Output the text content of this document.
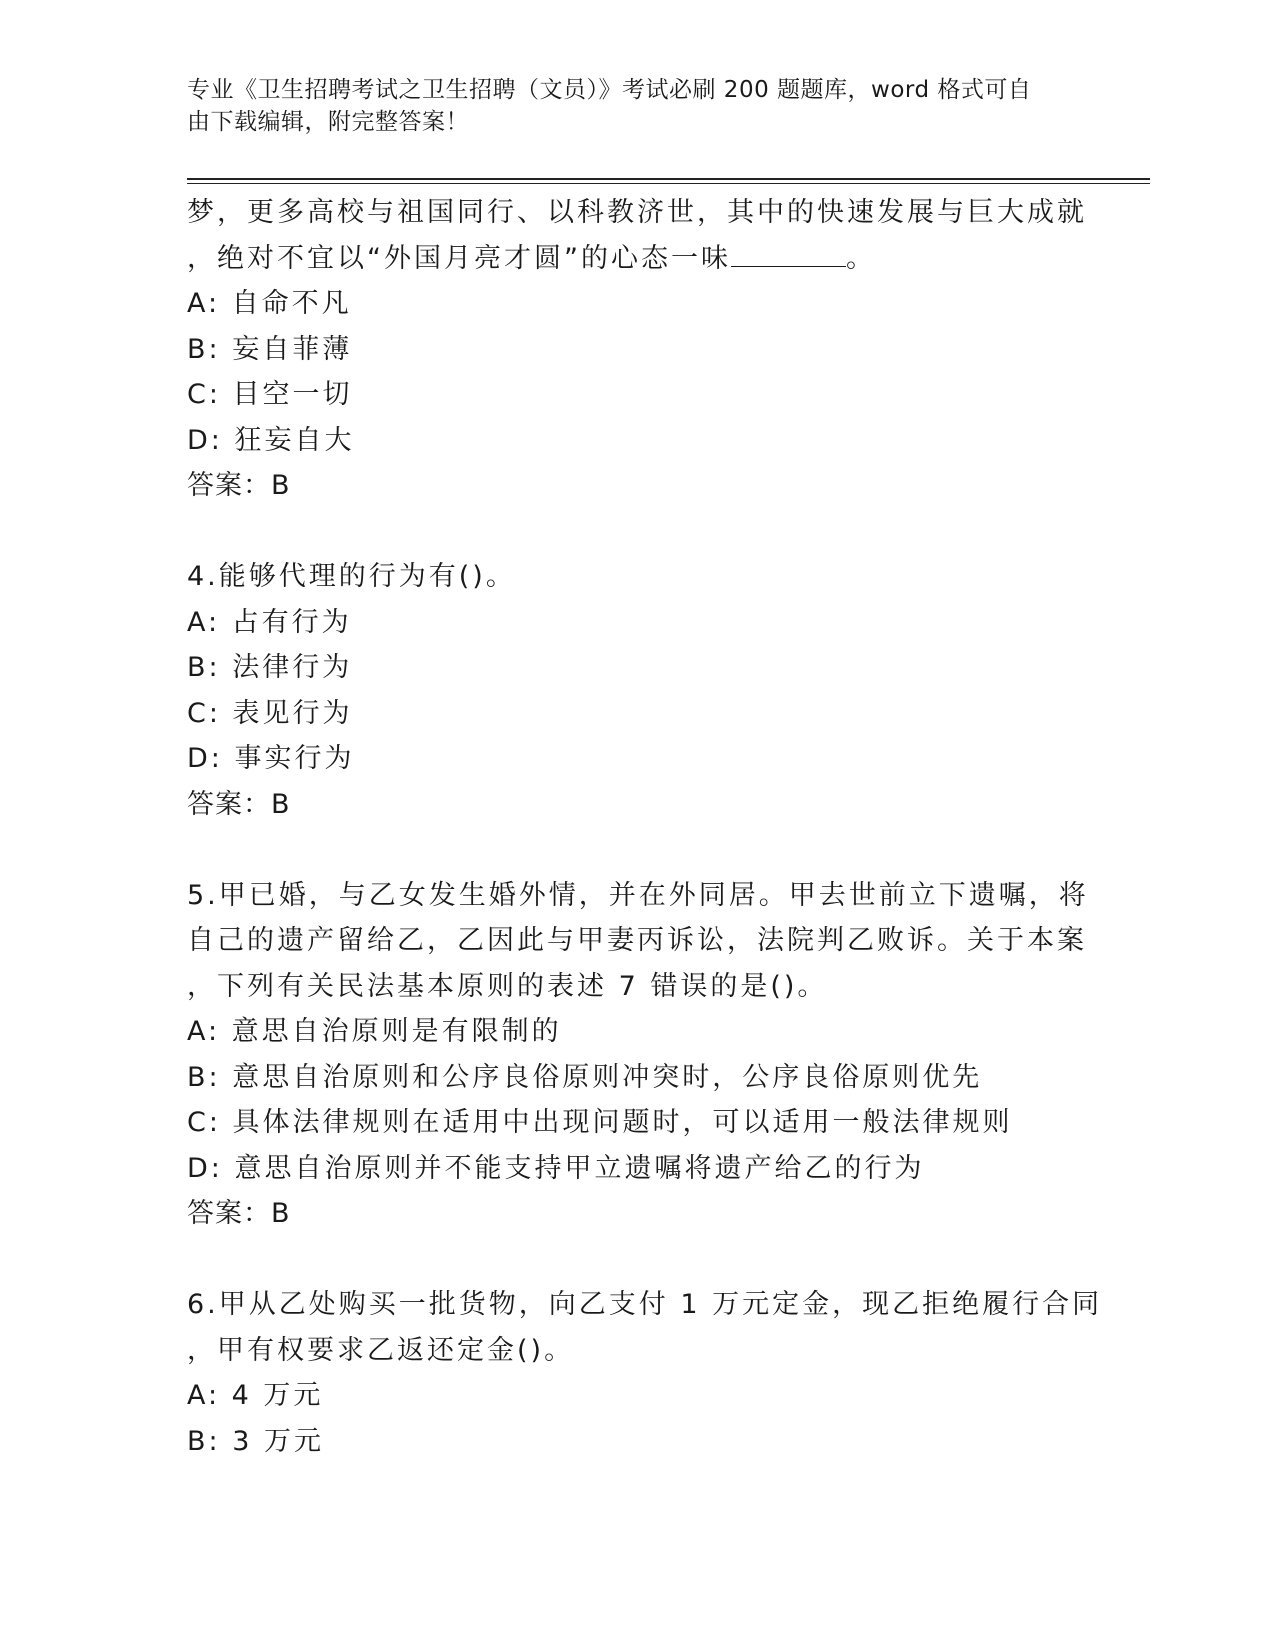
专业《卫生招聘考试之卫生招聘（文员）》考试必刷 200 题题库，word 格式可自
由下载编辑，附完整答案！
梦，更多高校与祖国同行、以科教济世，其中的快速发展与巨大成就
，绝对不宜以“外国月亮才圆”的心态一味	。
A: 自命不凡
B: 妄自菲薄
C: 目空一切
D: 狂妄自大
答案：B
4.能够代理的行为有()。
A: 占有行为
B: 法律行为
C: 表见行为
D: 事实行为
答案：B
5.甲已婚，与乙女发生婚外情，并在外同居。甲去世前立下遗嘱，将
自己的遗产留给乙，乙因此与甲妻丙诉讼，法院判乙败诉。关于本案
，下列有关民法基本原则的表述 7 错误的是()。
A: 意思自治原则是有限制的
B: 意思自治原则和公序良俗原则冲突时，公序良俗原则优先
C: 具体法律规则在适用中出现问题时，可以适用一般法律规则
D: 意思自治原则并不能支持甲立遗嘱将遗产给乙的行为
答案：B
6.甲从乙处购买一批货物，向乙支付 1 万元定金，现乙拒绝履行合同
，甲有权要求乙返还定金()。
A: 4 万元
B: 3 万元
